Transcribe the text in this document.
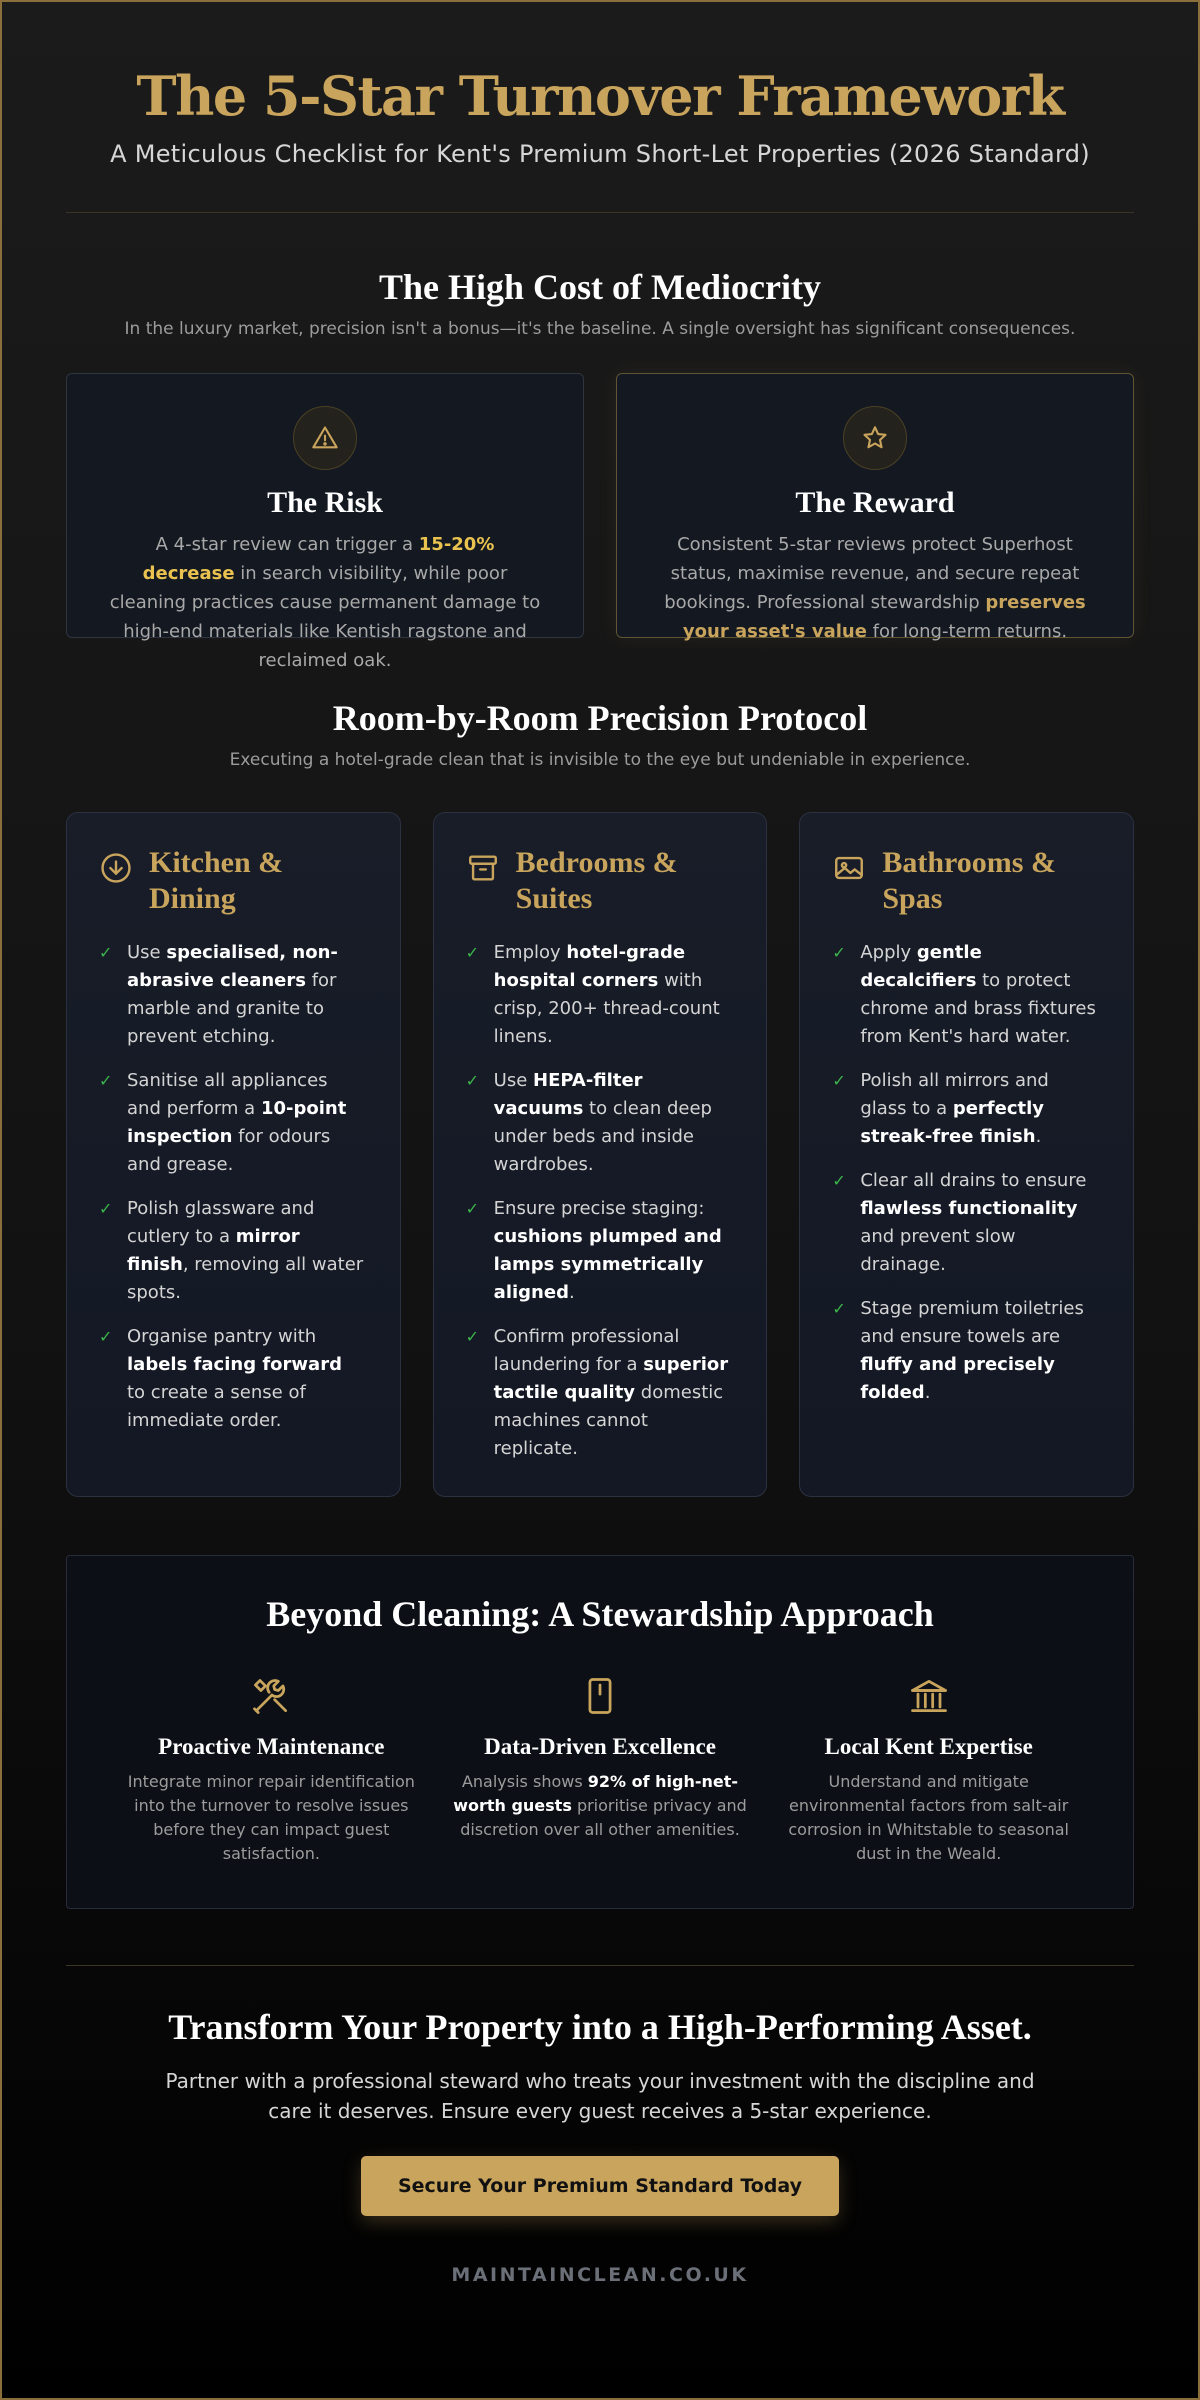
The 5-Star Turnover Framework

A Meticulous Checklist for Kent's Premium Short-Let Properties (2026 Standard)

The High Cost of Mediocrity

In the luxury market, precision isn't a bonus—it's the baseline. A single oversight has significant consequences.

The Risk

A 4-star review can trigger a 15-20% decrease in search visibility, while poor cleaning practices cause permanent damage to high-end materials like Kentish ragstone and reclaimed oak.

The Reward

Consistent 5-star reviews protect Superhost status, maximise revenue, and secure repeat bookings. Professional stewardship preserves your asset's value for long-term returns.

Room-by-Room Precision Protocol

Executing a hotel-grade clean that is invisible to the eye but undeniable in experience.

Kitchen & Dining
✓ Use specialised, non-abrasive cleaners for marble and granite to prevent etching.
✓ Sanitise all appliances and perform a 10-point inspection for odours and grease.
✓ Polish glassware and cutlery to a mirror finish, removing all water spots.
✓ Organise pantry with labels facing forward to create a sense of immediate order.
Bedrooms & Suites
✓ Employ hotel-grade hospital corners with crisp, 200+ thread-count linens.
✓ Use HEPA-filter vacuums to clean deep under beds and inside wardrobes.
✓ Ensure precise staging: cushions plumped and lamps symmetrically aligned.
✓ Confirm professional laundering for a superior tactile quality domestic machines cannot replicate.
Bathrooms & Spas
✓ Apply gentle decalcifiers to protect chrome and brass fixtures from Kent's hard water.
✓ Polish all mirrors and glass to a perfectly streak-free finish.
✓ Clear all drains to ensure flawless functionality and prevent slow drainage.
✓ Stage premium toiletries and ensure towels are fluffy and precisely folded.
Beyond Cleaning: A Stewardship Approach
Proactive Maintenance

Integrate minor repair identification into the turnover to resolve issues before they can impact guest satisfaction.

Data-Driven Excellence

Analysis shows 92% of high-net-worth guests prioritise privacy and discretion over all other amenities.

Local Kent Expertise

Understand and mitigate environmental factors from salt-air corrosion in Whitstable to seasonal dust in the Weald.

Transform Your Property into a High-Performing Asset.

Partner with a professional steward who treats your investment with the discipline and care it deserves. Ensure every guest receives a 5-star experience.

Secure Your Premium Standard Today
MAINTAINCLEAN.CO.UK
